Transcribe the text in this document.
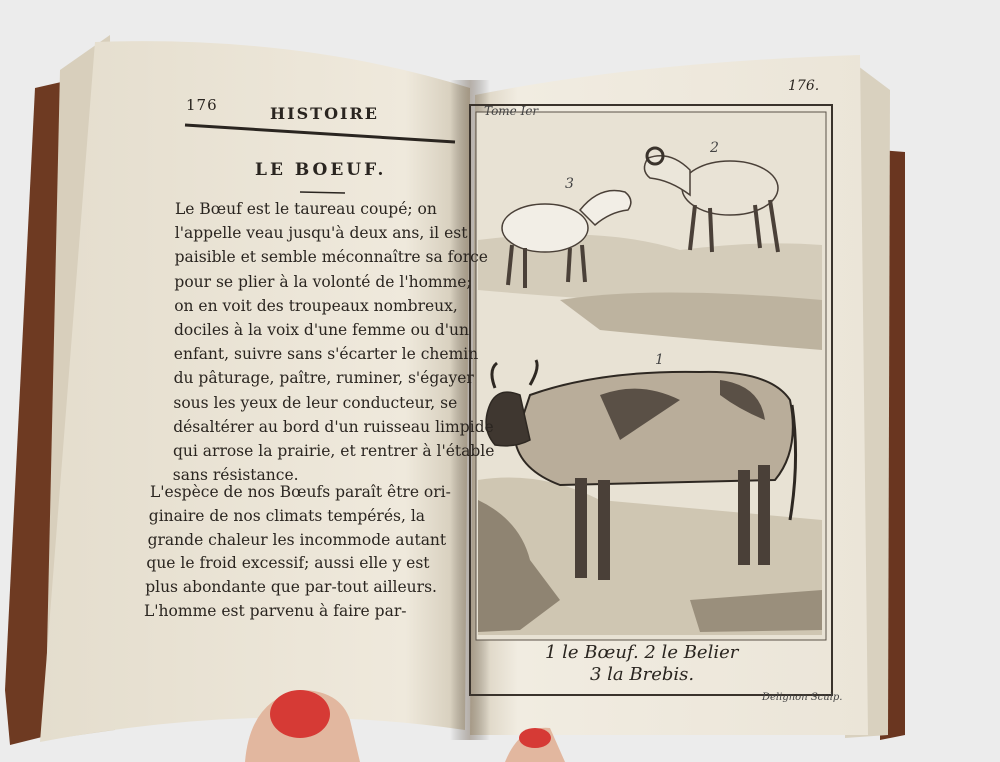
176	HISTOIRE
LE BOEUF.
Le Bœuf est le taureau coupé; on
l'appelle veau jusqu'à deux ans, il est
paisible et semble méconnaître sa force
pour se plier à la volonté de l'homme;
on en voit des troupeaux nombreux,
dociles à la voix d'une femme ou d'un
enfant, suivre sans s'écarter le chemin
du pâturage, paître, ruminer, s'égayer
sous les yeux de leur conducteur, se
désaltérer au bord d'un ruisseau limpide
qui arrose la prairie, et rentrer à l'étable
sans résistance.
L'espèce de nos Bœufs paraît être ori-
ginaire de nos climats tempérés, la
grande chaleur les incommode autant
que le froid excessif; aussi elle y est
plus abondante que par-tout ailleurs.
L'homme est parvenu à faire par-
Tome Ier
176.
3
2
1
1 le Bœuf. 2 le Belier
3 la Brebis.
Delignon Sculp.
